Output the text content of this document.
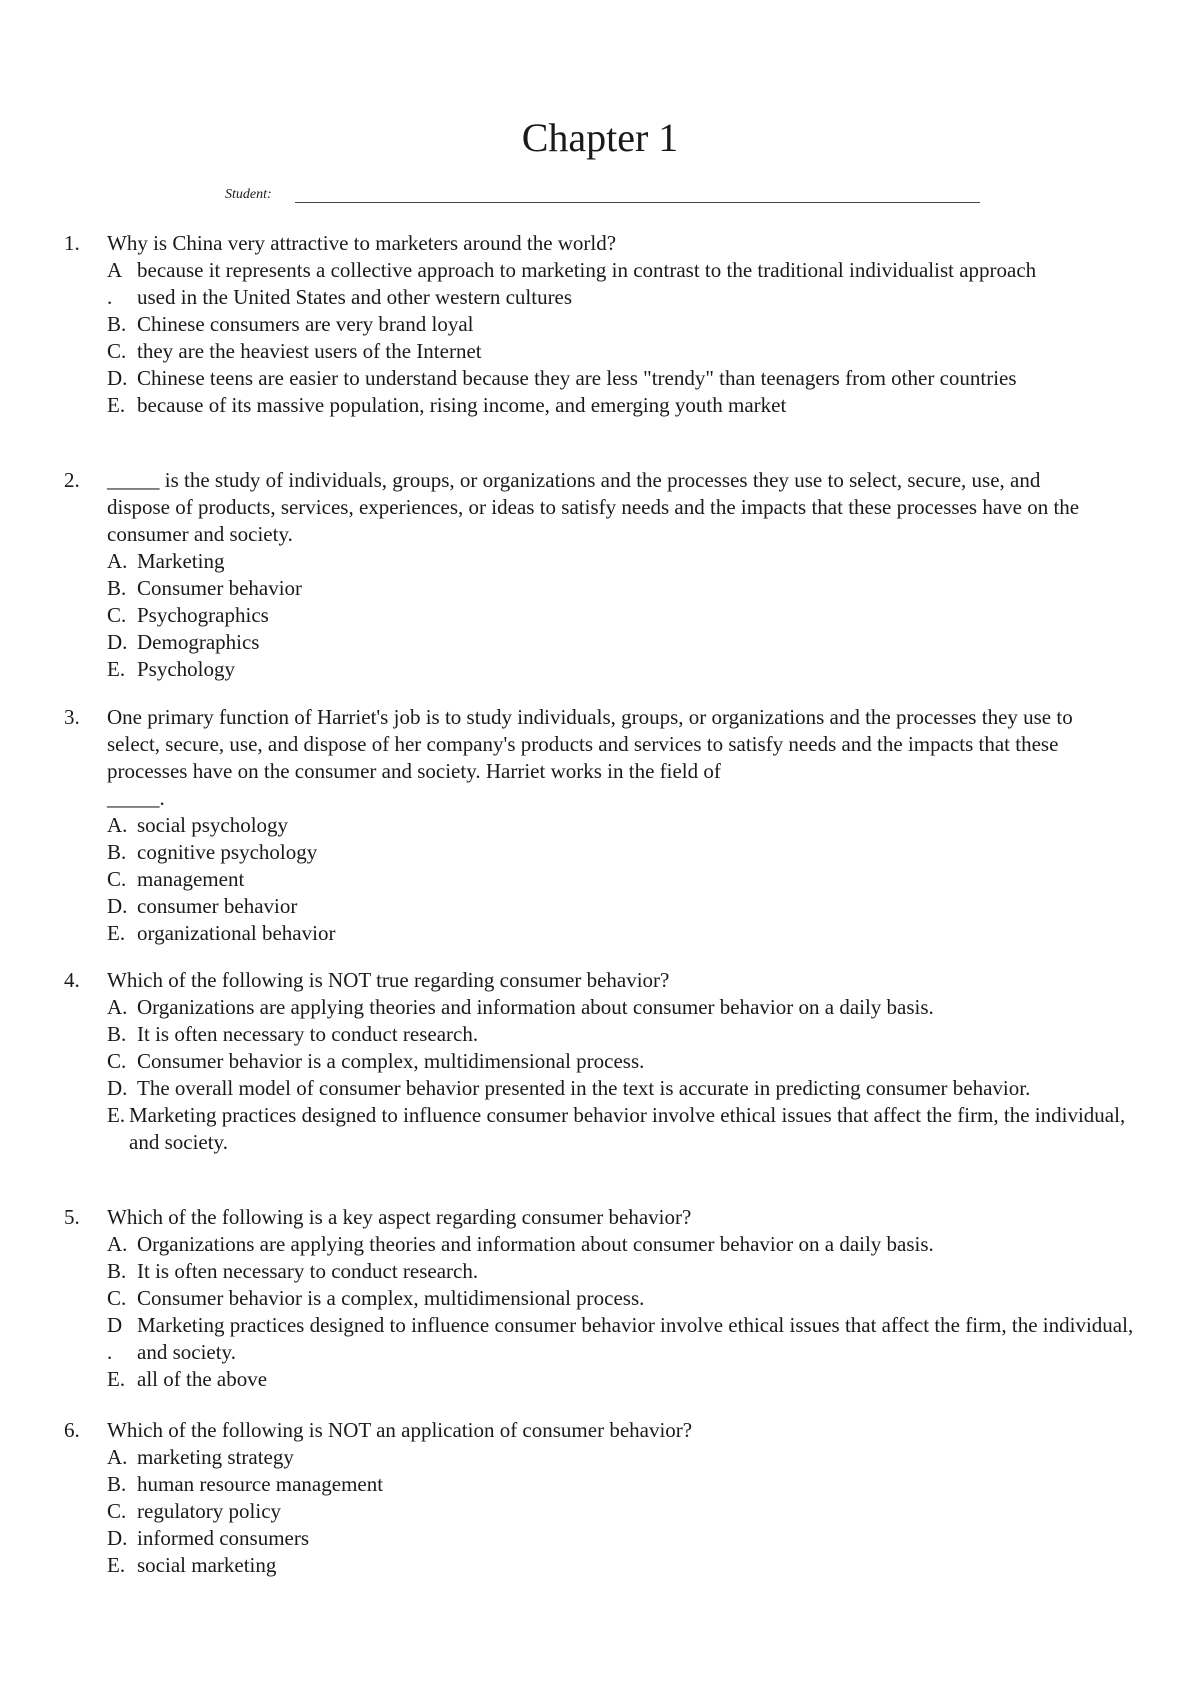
Chapter 1
Student:
1.	Why is China very attractive to marketers around the world?
A
.
because it represents a collective approach to marketing in contrast to the traditional individualist approach used in the United States and other western cultures
B. Chinese consumers are very brand loyal
C. they are the heaviest users of the Internet
D. Chinese teens are easier to understand because they are less "trendy" than teenagers from other countries
E. because of its massive population, rising income, and emerging youth market
2.	_____ is the study of individuals, groups, or organizations and the processes they use to select, secure, use, and dispose of products, services, experiences, or ideas to satisfy needs and the impacts that these processes have on the consumer and society.
A. Marketing
B. Consumer behavior
C. Psychographics
D. Demographics
E. Psychology
3.	One primary function of Harriet's job is to study individuals, groups, or organizations and the processes they use to select, secure, use, and dispose of her company's products and services to satisfy needs and the impacts that these processes have on the consumer and society. Harriet works in the field of
_____.
A. social psychology
B. cognitive psychology
C. management
D. consumer behavior
E. organizational behavior
4.	Which of the following is NOT true regarding consumer behavior?
A. Organizations are applying theories and information about consumer behavior on a daily basis.
B. It is often necessary to conduct research.
C. Consumer behavior is a complex, multidimensional process.
D. The overall model of consumer behavior presented in the text is accurate in predicting consumer behavior.
E. Marketing practices designed to influence consumer behavior involve ethical issues that affect the firm, the individual, and society.
5.	Which of the following is a key aspect regarding consumer behavior?
A. Organizations are applying theories and information about consumer behavior on a daily basis.
B. It is often necessary to conduct research.
C. Consumer behavior is a complex, multidimensional process.
D
.
Marketing practices designed to influence consumer behavior involve ethical issues that affect the firm, the individual, and society.
E. all of the above
6.	Which of the following is NOT an application of consumer behavior?
A. marketing strategy
B. human resource management
C. regulatory policy
D. informed consumers
E. social marketing
